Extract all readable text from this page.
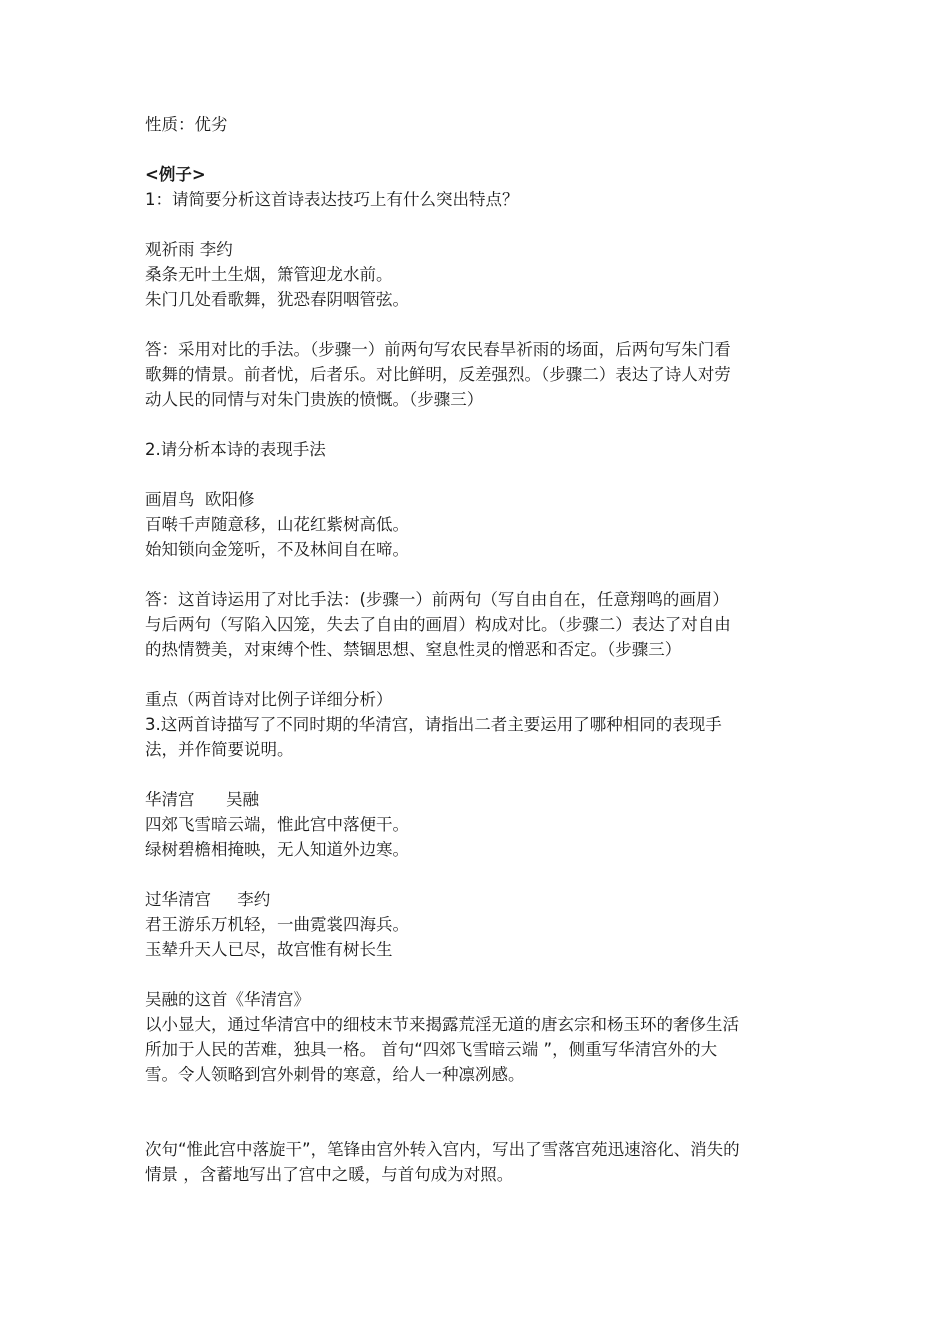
性质：优劣
<例子>
1：请简要分析这首诗表达技巧上有什么突出特点？
观祈雨 李约
桑条无叶土生烟，箫管迎龙水前。
朱门几处看歌舞，犹恐春阴咽管弦。
答：采用对比的手法。（步骤一）前两句写农民春旱祈雨的场面，后两句写朱门看
歌舞的情景。前者忧，后者乐。对比鲜明，反差强烈。（步骤二）表达了诗人对劳
动人民的同情与对朱门贵族的愤慨。（步骤三）
2.请分析本诗的表现手法
画眉鸟  欧阳修
百啭千声随意移，山花红紫树高低。
始知锁向金笼听，不及林间自在啼。
答：这首诗运用了对比手法：(步骤一）前两句（写自由自在，任意翔鸣的画眉）
与后两句（写陷入囚笼，失去了自由的画眉）构成对比。（步骤二）表达了对自由
的热情赞美，对束缚个性、禁锢思想、窒息性灵的憎恶和否定。（步骤三）
重点（两首诗对比例子详细分析）
3.这两首诗描写了不同时期的华清宫，请指出二者主要运用了哪种相同的表现手
法，并作简要说明。
华清宫      吴融
四郊飞雪暗云端，惟此宫中落便干。
绿树碧檐相掩映，无人知道外边寒。
过华清宫     李约
君王游乐万机轻，一曲霓裳四海兵。
玉辇升天人已尽，故宫惟有树长生
吴融的这首《华清宫》
以小显大，通过华清宫中的细枝末节来揭露荒淫无道的唐玄宗和杨玉环的奢侈生活
所加于人民的苦难，独具一格。 首句“四郊飞雪暗云端 ”，侧重写华清宫外的大
雪。令人领略到宫外刺骨的寒意，给人一种凛冽感。
次句“惟此宫中落旋干”，笔锋由宫外转入宫内，写出了雪落宫苑迅速溶化、消失的
情景 ，含蓄地写出了宫中之暖，与首句成为对照。
